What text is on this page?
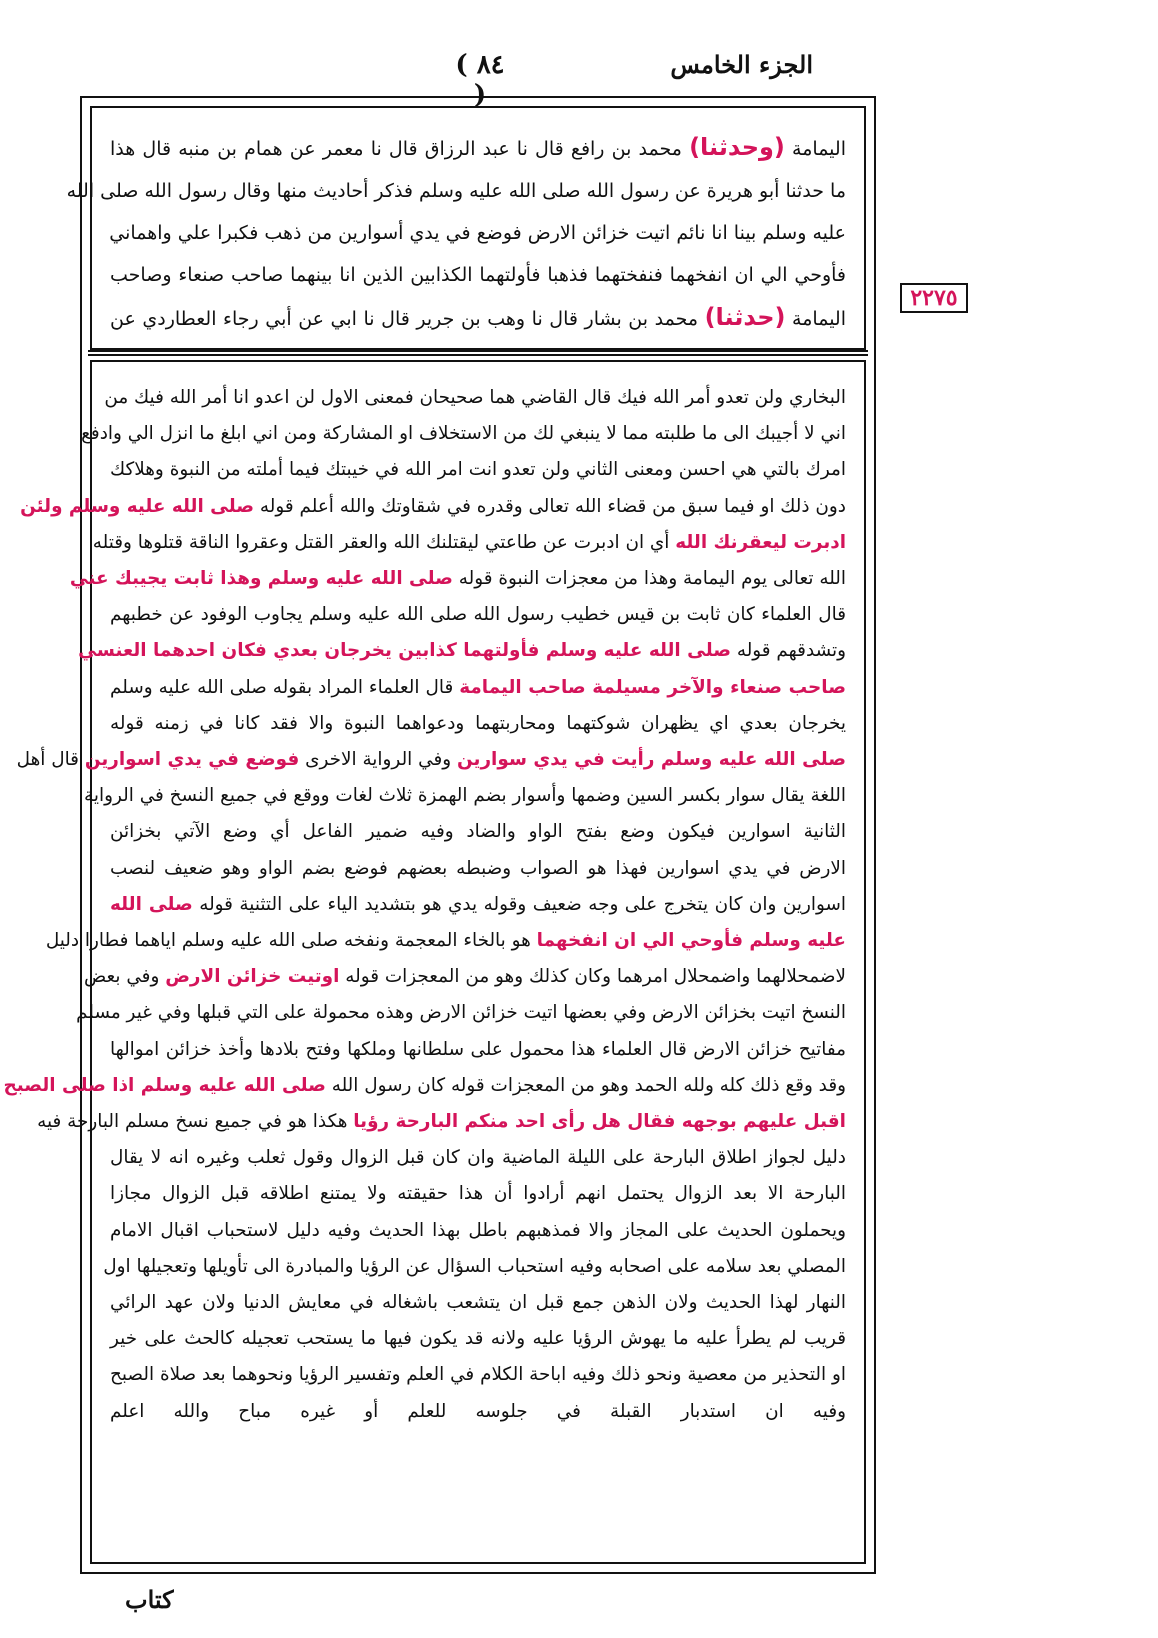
الجزء الخامس
( ٨٤ )
اليمامة (وحدثنا) محمد بن رافع قال نا عبد الرزاق قال نا معمر عن همام بن منبه قال هذا
ما حدثنا أبو هريرة عن رسول الله صلى الله عليه وسلم فذكر أحاديث منها وقال رسول الله صلى الله
عليه وسلم بينا انا نائم اتيت خزائن الارض فوضع في يدي أسوارين من ذهب فكبرا علي واهماني
فأوحي الي ان انفخهما فنفختهما فذهبا فأولتهما الكذابين الذين انا بينهما صاحب صنعاء وصاحب
اليمامة (حدثنا) محمد بن بشار قال نا وهب بن جرير قال نا ابي عن أبي رجاء العطاردي عن
البخاري ولن تعدو أمر الله فيك قال القاضي هما صحيحان فمعنى الاول لن اعدو انا أمر الله فيك من
اني لا أجيبك الى ما طلبته مما لا ينبغي لك من الاستخلاف او المشاركة ومن اني ابلغ ما انزل الي وادفع
امرك بالتي هي احسن ومعنى الثاني ولن تعدو انت امر الله في خيبتك فيما أملته من النبوة وهلاكك
دون ذلك او فيما سبق من قضاء الله تعالى وقدره في شقاوتك والله أعلم قوله صلى الله عليه وسلم ولئن
ادبرت ليعقرنك الله أي ان ادبرت عن طاعتي ليقتلنك الله والعقر القتل وعقروا الناقة قتلوها وقتله
الله تعالى يوم اليمامة وهذا من معجزات النبوة قوله صلى الله عليه وسلم وهذا ثابت يجيبك عني
قال العلماء كان ثابت بن قيس خطيب رسول الله صلى الله عليه وسلم يجاوب الوفود عن خطبهم
وتشدقهم قوله صلى الله عليه وسلم فأولتهما كذابين يخرجان بعدي فكان احدهما العنسي
صاحب صنعاء والآخر مسيلمة صاحب اليمامة قال العلماء المراد بقوله صلى الله عليه وسلم
يخرجان بعدي اي يظهران شوكتهما ومحاربتهما ودعواهما النبوة والا فقد كانا في زمنه قوله
صلى الله عليه وسلم رأيت في يدي سوارين وفي الرواية الاخرى فوضع في يدي اسوارين قال أهل
اللغة يقال سوار بكسر السين وضمها وأسوار بضم الهمزة ثلاث لغات ووقع في جميع النسخ في الرواية
الثانية اسوارين فيكون وضع بفتح الواو والضاد وفيه ضمير الفاعل أي وضع الآتي بخزائن
الارض في يدي اسوارين فهذا هو الصواب وضبطه بعضهم فوضع بضم الواو وهو ضعيف لنصب
اسوارين وان كان يتخرج على وجه ضعيف وقوله يدي هو بتشديد الياء على التثنية قوله صلى الله
عليه وسلم فأوحي الي ان انفخهما هو بالخاء المعجمة ونفخه صلى الله عليه وسلم اياهما فطارا دليل
لاضمحلالهما واضمحلال امرهما وكان كذلك وهو من المعجزات قوله اوتيت خزائن الارض وفي بعض
النسخ اتيت بخزائن الارض وفي بعضها اتيت خزائن الارض وهذه محمولة على التي قبلها وفي غير مسلم
مفاتيح خزائن الارض قال العلماء هذا محمول على سلطانها وملكها وفتح بلادها وأخذ خزائن اموالها
وقد وقع ذلك كله ولله الحمد وهو من المعجزات قوله كان رسول الله صلى الله عليه وسلم اذا صلى الصبح
اقبل عليهم بوجهه فقال هل رأى احد منكم البارحة رؤيا هكذا هو في جميع نسخ مسلم البارحة فيه
دليل لجواز اطلاق البارحة على الليلة الماضية وان كان قبل الزوال وقول ثعلب وغيره انه لا يقال
البارحة الا بعد الزوال يحتمل انهم أرادوا أن هذا حقيقته ولا يمتنع اطلاقه قبل الزوال مجازا
ويحملون الحديث على المجاز والا فمذهبهم باطل بهذا الحديث وفيه دليل لاستحباب اقبال الامام
المصلي بعد سلامه على اصحابه وفيه استحباب السؤال عن الرؤيا والمبادرة الى تأويلها وتعجيلها اول
النهار لهذا الحديث ولان الذهن جمع قبل ان يتشعب باشغاله في معايش الدنيا ولان عهد الرائي
قريب لم يطرأ عليه ما يهوش الرؤيا عليه ولانه قد يكون فيها ما يستحب تعجيله كالحث على خير
او التحذير من معصية ونحو ذلك وفيه اباحة الكلام في العلم وتفسير الرؤيا ونحوهما بعد صلاة الصبح
وفيه ان استدبار القبلة في جلوسه للعلم أو غيره مباح والله اعلم
٢٢٧٥
كتاب
